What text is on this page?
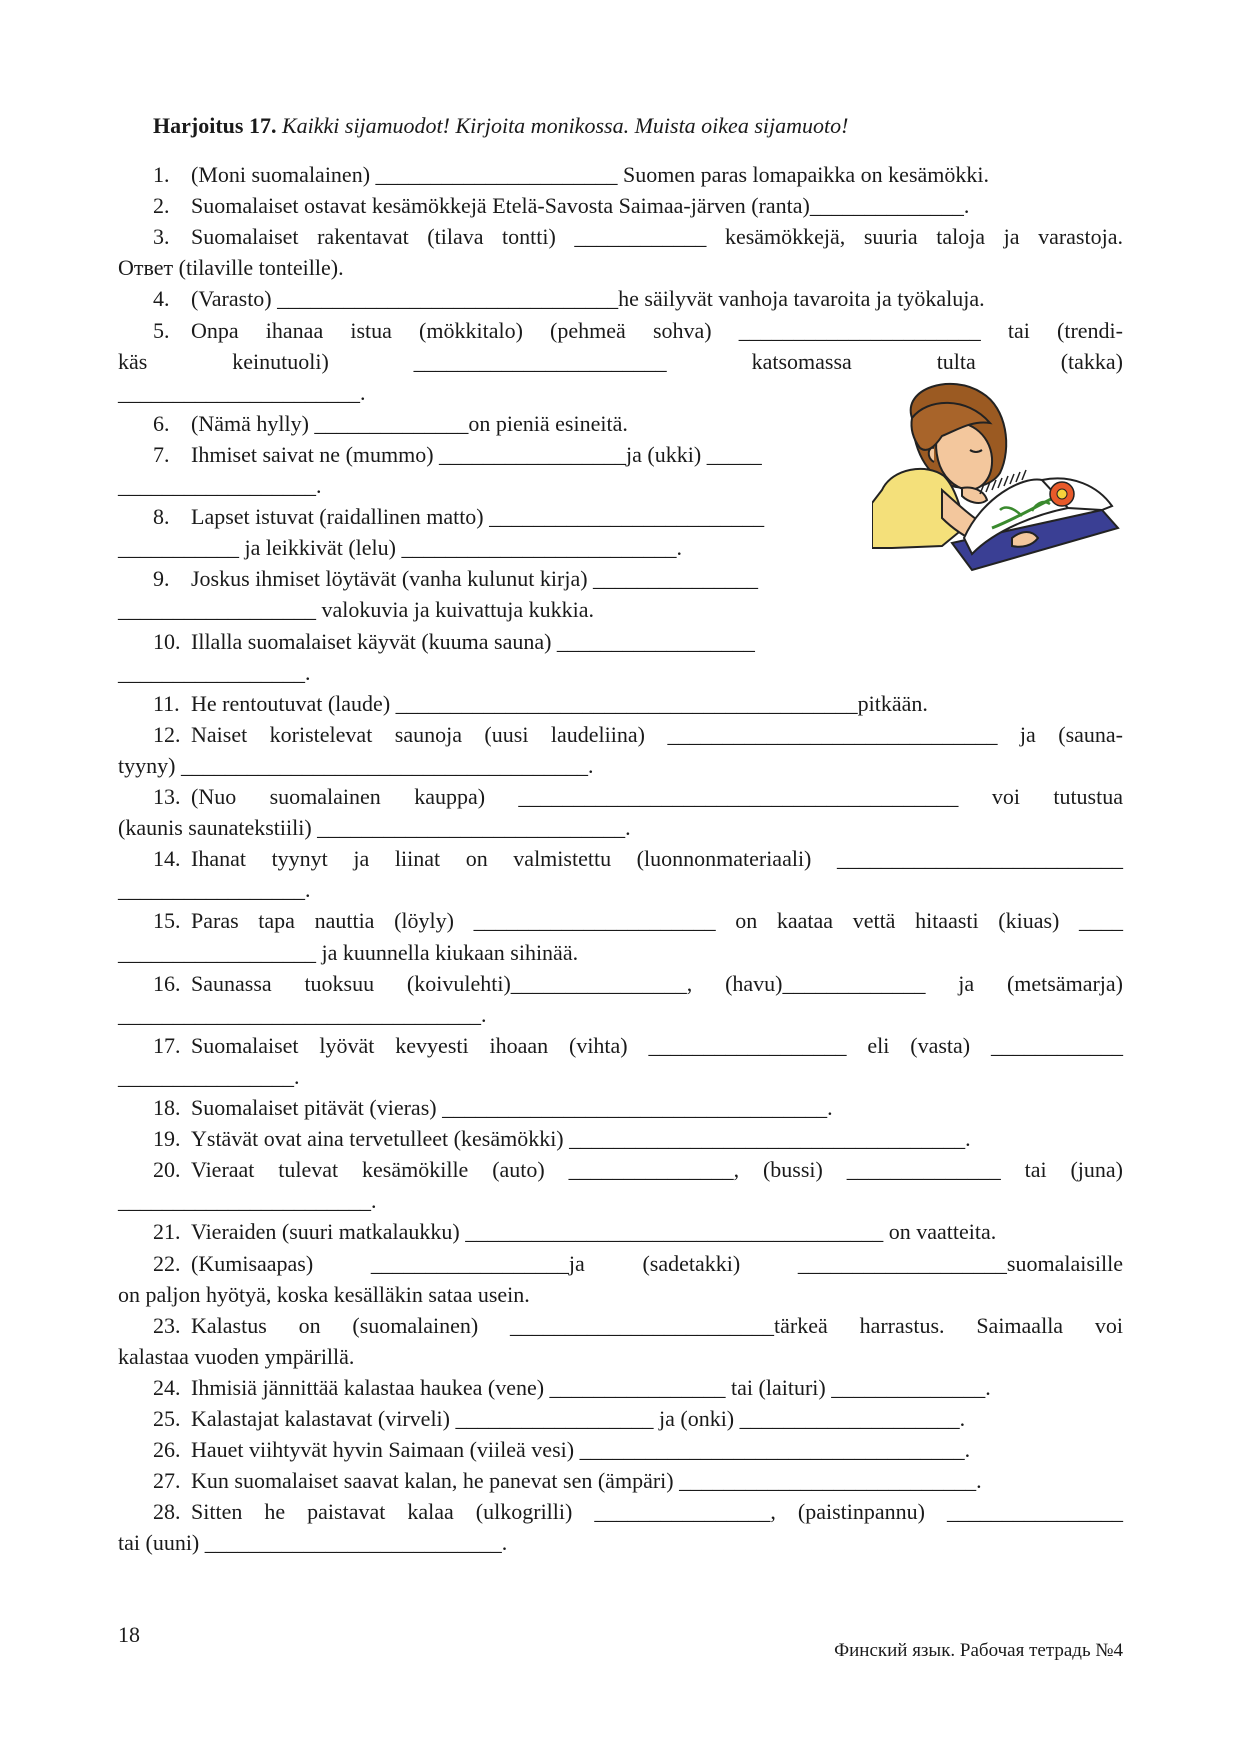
Harjoitus 17. Kaikki sijamuodot! Kirjoita monikossa. Muista oikea sijamuoto!
1. (Moni suomalainen) ______________________ Suomen paras lomapaikka on kesämökki.
2. Suomalaiset ostavat kesämökkejä Etelä-Savosta Saimaa-järven (ranta)______________.
3. Suomalaiset rakentavat (tilava tontti) ____________ kesämökkejä, suuria taloja ja varastoja.
Ответ (tilaville tonteille).
4. (Varasto) _______________________________he säilyvät vanhoja tavaroita ja työkaluja.
5. Onpa ihanaa istua (mökkitalo) (pehmeä sohva) ______________________ tai (trendi-
käs keinutuoli) _______________________ katsomassa tultа (takka)
______________________.
6. (Nämä hylly) ______________on pieniä esineitä.
7. Ihmiset saivat ne (mummo) _________________ja (ukki) _____
__________________.
8. Lapset istuvat (raidallinen matto) _________________________
___________ ja leikkivät (lelu) _________________________.
9. Joskus ihmiset löytävät (vanha kulunut kirja) _______________
__________________ valokuvia ja kuivattuja kukkia.
10. Illalla suomalaiset käyvät (kuuma sauna) __________________
_________________.
11. He rentoutuvat (laude) __________________________________________pitkään.
12. Naiset koristelevat saunoja (uusi laudeliina) ______________________________ ja (sauna-
tyyny) _____________________________________.
13. (Nuo suomalainen kauppa) ________________________________________ voi tutustua
(kaunis saunatekstiili) ____________________________.
14. Ihanat tyynyt ja liinat on valmistettu (luonnonmateriaali) __________________________
_________________.
15. Paras tapa nauttia (löyly) ______________________ on kaataa vettä hitaasti (kiuas) ____
__________________ ja kuunnella kiukaan sihinää.
16. Saunassa tuoksuu (koivulehti)________________, (havu)_____________ ja (metsämarja)
_________________________________.
17. Suomalaiset lyövät kevyesti ihoaan (vihta) __________________ eli (vasta) ____________
________________.
18. Suomalaiset pitävät (vieras) ___________________________________.
19. Ystävät ovat aina tervetulleet (kesämökki) ____________________________________.
20. Vieraat tulevat kesämökille (auto) _______________, (bussi) ______________ tai (juna)
_______________________.
21. Vieraiden (suuri matkalaukku) ______________________________________ on vaatteita.
22. (Kumisaapas) __________________ja (sadetakki) ___________________suomalaisille
on paljon hyötyä, koska kesälläkin sataa usein.
23. Kalastus on (suomalainen) ________________________tärkeä harrastus. Saimaalla voi
kalastaa vuoden ympärillä.
24. Ihmisiä jännittää kalastaa haukea (vene) ________________ tai (laituri) ______________.
25. Kalastajat kalastavat (virveli) __________________ ja (onki) ____________________.
26. Hauet viihtyvät hyvin Saimaan (viileä vesi) ___________________________________.
27. Kun suomalaiset saavat kalan, he panevat sen (ämpäri) ___________________________.
28. Sitten he paistavat kalaa (ulkogrilli) ________________, (paistinpannu) ________________
tai (uuni) ___________________________.
18
Финский язык. Рабочая тетрадь №4
